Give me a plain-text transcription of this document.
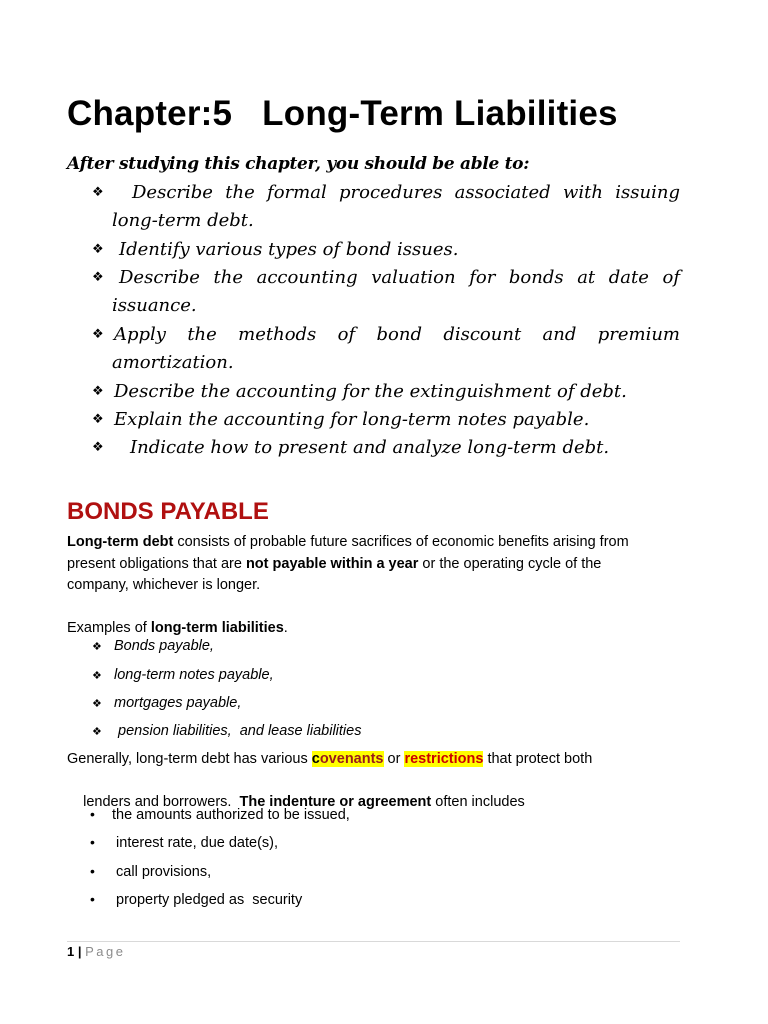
Chapter:5 Long-Term Liabilities
After studying this chapter, you should be able to:
❖	Describe the formal procedures associated with issuing
long-term debt.
❖ Identify various types of bond issues.
❖ Describe the accounting valuation for bonds at date of
issuance.
❖ Apply the methods of bond discount and premium
amortization.
❖ Describe the accounting for the extinguishment of debt.
❖ Explain the accounting for long-term notes payable.
❖	Indicate how to present and analyze long-term debt.
BONDS PAYABLE
Long-term debt consists of probable future sacrifices of economic benefits arising from present obligations that are not payable within a year or the operating cycle of the company, whichever is longer.
Examples of long-term liabilities.
❖ Bonds payable,
❖ long-term notes payable,
❖ mortgages payable,
❖ pension liabilities,  and lease liabilities
Generally, long-term debt has various covenants or restrictions that protect both

lenders and borrowers.  The indenture or agreement often includes

• the amounts authorized to be issued,
• interest rate, due date(s),
• call provisions,
• property pledged as  security
1 | Page
